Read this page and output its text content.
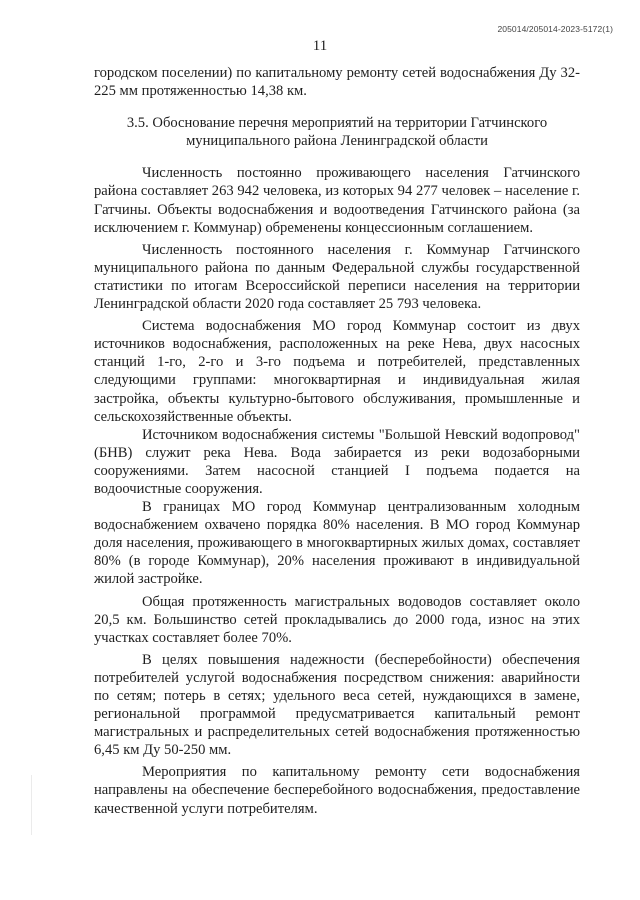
205014/205014-2023-5172(1)
11

городском поселении) по капитальному ремонту сетей водоснабжения Ду 32-225 мм протяженностью 14,38 км.

3.5. Обоснование перечня мероприятий на территории Гатчинского муниципального района Ленинградской области

Численность постоянно проживающего населения Гатчинского района составляет 263 942 человека, из которых 94 277 человек – население г. Гатчины. Объекты водоснабжения и водоотведения Гатчинского района (за исключением г. Коммунар) обременены концессионным соглашением.

Численность постоянного населения г. Коммунар Гатчинского муниципального района по данным Федеральной службы государственной статистики по итогам Всероссийской переписи населения на территории Ленинградской области 2020 года составляет 25 793 человека.

Система водоснабжения МО город Коммунар состоит из двух источников водоснабжения, расположенных на реке Нева, двух насосных станций 1-го, 2-го и 3-го подъема и потребителей, представленных следующими группами: многоквартирная и индивидуальная жилая застройка, объекты культурно-бытового обслуживания, промышленные и сельскохозяйственные объекты.

Источником водоснабжения системы "Большой Невский водопровод" (БНВ) служит река Нева. Вода забирается из реки водозаборными сооружениями. Затем насосной станцией I подъема подается на водоочистные сооружения.

В границах МО город Коммунар централизованным холодным водоснабжением охвачено порядка 80% населения. В МО город Коммунар доля населения, проживающего в многоквартирных жилых домах, составляет 80% (в городе Коммунар), 20% населения проживают в индивидуальной жилой застройке.

Общая протяженность магистральных водоводов составляет около 20,5 км. Большинство сетей прокладывались до 2000 года, износ на этих участках составляет более 70%.

В целях повышения надежности (бесперебойности) обеспечения потребителей услугой водоснабжения посредством снижения: аварийности по сетям; потерь в сетях; удельного веса сетей, нуждающихся в замене, региональной программой предусматривается капитальный ремонт магистральных и распределительных сетей водоснабжения протяженностью 6,45 км Ду 50-250 мм.

Мероприятия по капитальному ремонту сети водоснабжения направлены на обеспечение бесперебойного водоснабжения, предоставление качественной услуги потребителям.
